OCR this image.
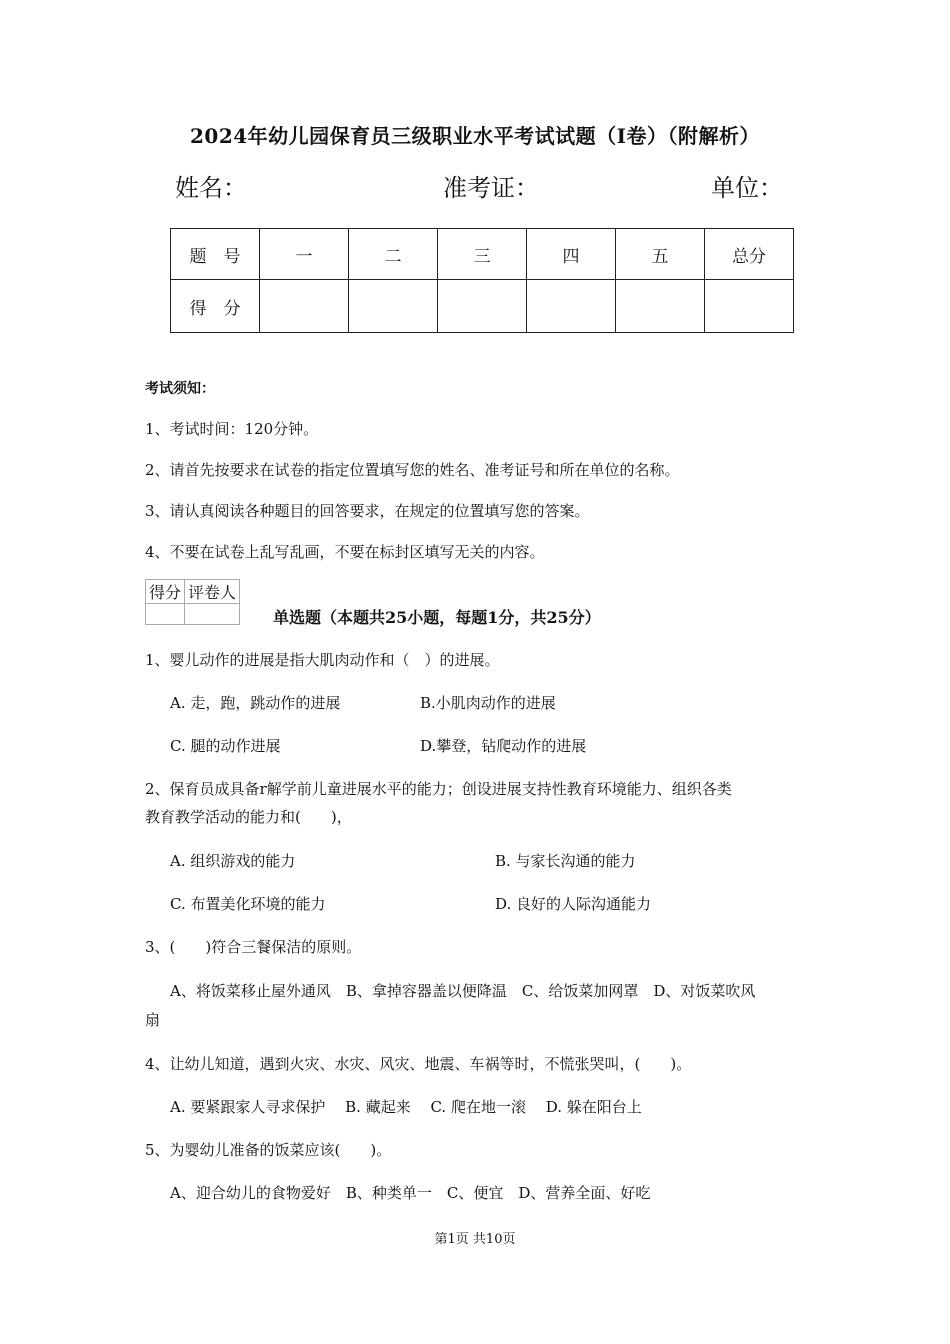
2024年幼儿园保育员三级职业水平考试试题（I卷）（附解析）
姓名：	准考证：	单位：
题　号	一	二	三	四	五	总分
得　分						
考试须知：
1、考试时间：120分钟。
2、请首先按要求在试卷的指定位置填写您的姓名、准考证号和所在单位的名称。
3、请认真阅读各种题目的回答要求，在规定的位置填写您的答案。
4、不要在试卷上乱写乱画，不要在标封区填写无关的内容。
得分	评卷人

单选题（本题共25小题，每题1分，共25分）
1、婴儿动作的进展是指大肌肉动作和（　）的进展。
A. 走，跑，跳动作的进展	B.小肌肉动作的进展
C. 腿的动作进展	D.攀登，钻爬动作的进展
2、保育员成具备r解学前儿童进展水平的能力；创设进展支持性教育环境能力、组织各类
教育教学活动的能力和(　　)，
A. 组织游戏的能力	B. 与家长沟通的能力
C. 布置美化环境的能力	D. 良好的人际沟通能力
3、(　　)符合三餐保洁的原则。
A、将饭菜移止屋外通风　B、拿掉容器盖以便降温　C、给饭菜加网罩　D、对饭菜吹风
扇
4、让幼儿知道，遇到火灾、水灾、风灾、地震、车祸等时，不慌张哭叫，(　　)。
A. 要紧跟家人寻求保护　 B. 藏起来　 C. 爬在地一滚　 D. 躲在阳台上
5、为婴幼儿准备的饭菜应该(　　)。
A、迎合幼儿的食物爱好　B、种类单一　C、便宜　D、营养全面、好吃
第1页 共10页
